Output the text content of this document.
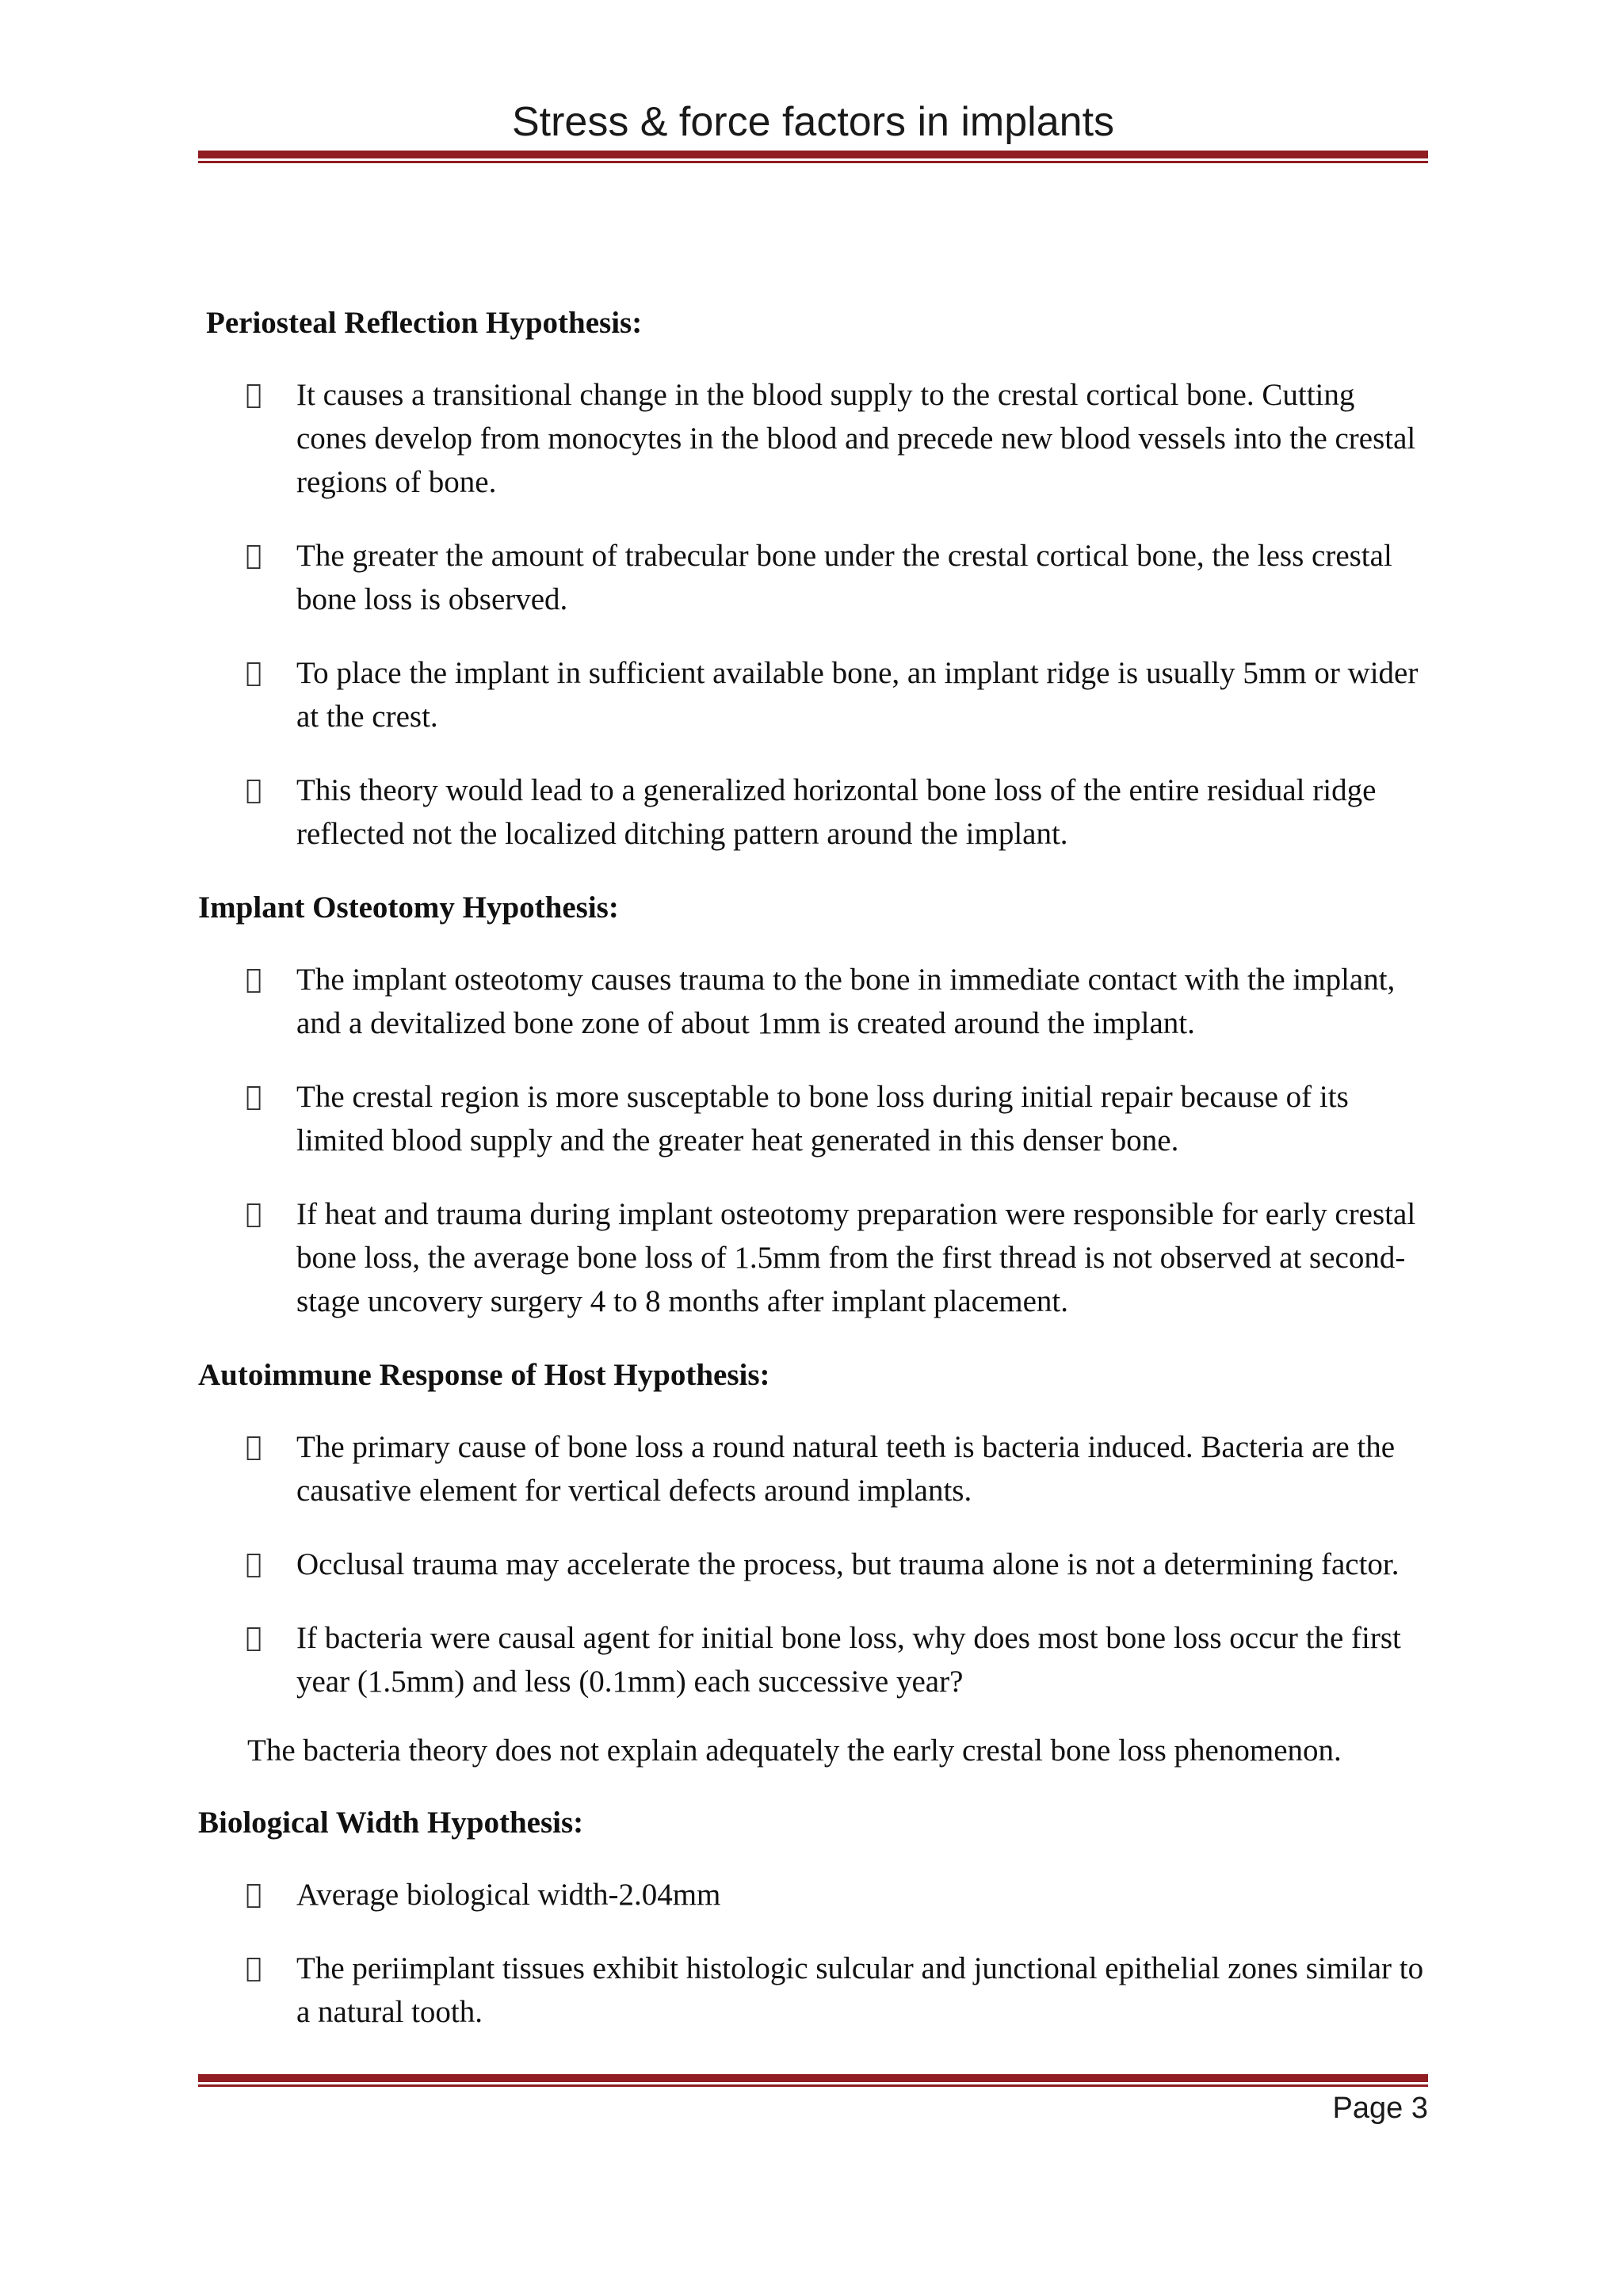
Stress & force factors in implants
Periosteal Reflection Hypothesis:
It causes a transitional change in the blood supply to the crestal cortical bone. Cutting cones develop from monocytes in the blood and precede new blood vessels into the crestal regions of bone.
The greater the amount of trabecular bone under the crestal cortical bone, the less crestal bone loss is observed.
To place the implant in sufficient available bone, an implant ridge is usually 5mm or wider at the crest.
This theory would lead to a generalized horizontal bone loss of the entire residual ridge reflected not the localized ditching pattern around the implant.
Implant Osteotomy Hypothesis:
The implant osteotomy causes trauma to the bone in immediate contact with the implant, and a devitalized bone zone of about 1mm is created around the implant.
The crestal region is more susceptable to bone loss during initial repair because of its limited blood supply and the greater heat generated in this denser bone.
If heat and trauma during implant osteotomy preparation were responsible for early crestal bone loss, the average bone loss of 1.5mm from the first thread is not observed at second-stage uncovery surgery 4 to 8 months after implant placement.
Autoimmune Response of Host Hypothesis:
The primary cause of bone loss a round natural teeth is bacteria induced. Bacteria are the causative element for vertical defects around implants.
Occlusal trauma may accelerate the process, but trauma alone is not a determining factor.
If bacteria were causal agent for initial bone loss, why does most bone loss occur the first year (1.5mm) and less (0.1mm) each successive year?
The bacteria theory does not explain adequately the early crestal bone loss phenomenon.
Biological Width Hypothesis:
Average biological width-2.04mm
The periimplant tissues exhibit histologic sulcular and junctional epithelial zones similar to a natural tooth.
Page 3
